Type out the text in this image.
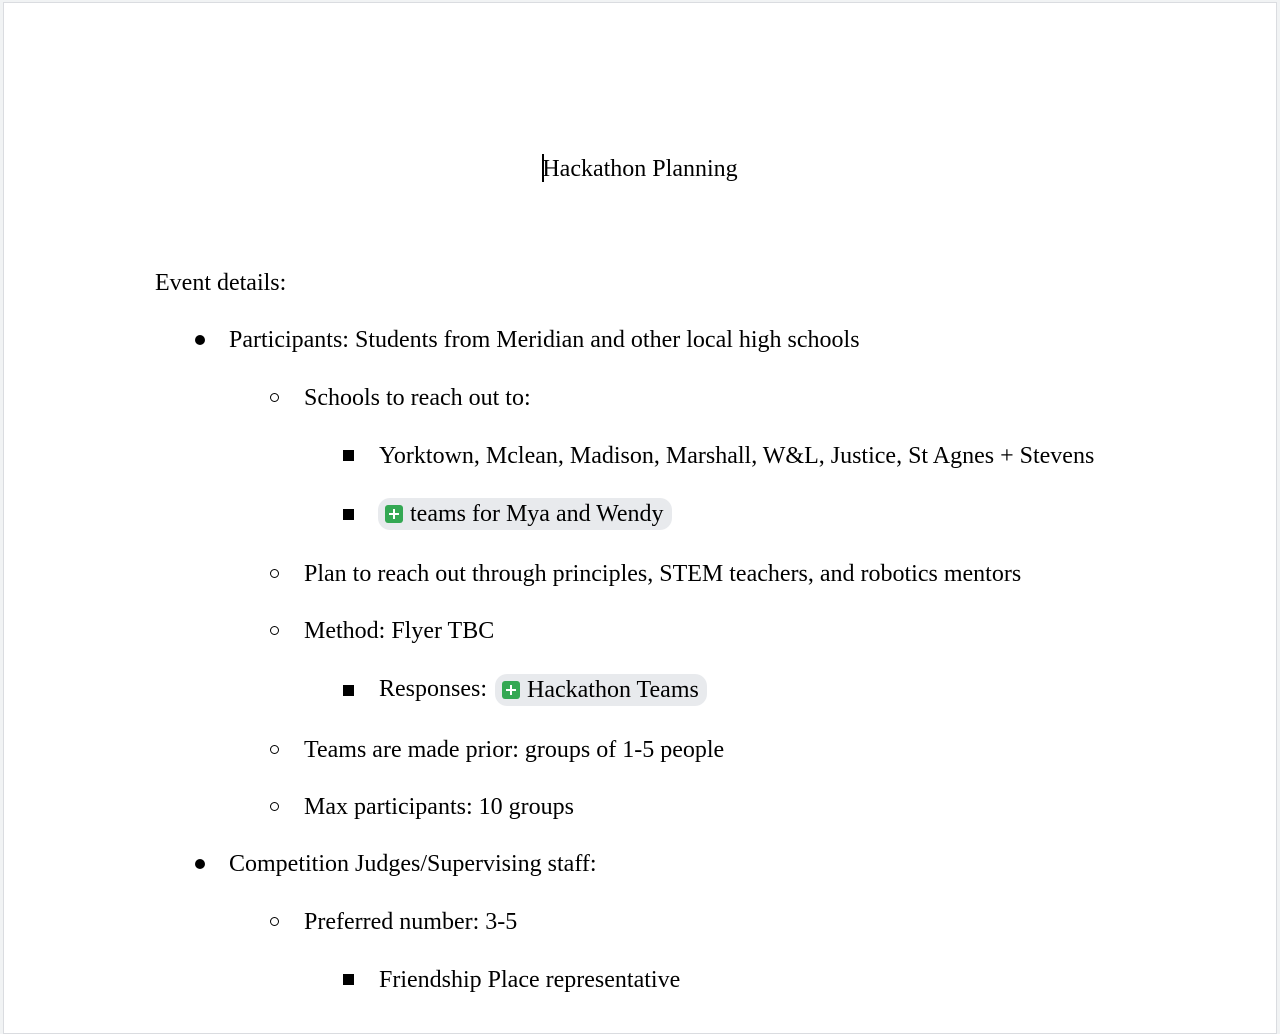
Hackathon Planning
Event details:
Participants: Students from Meridian and other local high schools
Schools to reach out to:
Yorktown, Mclean, Madison, Marshall, W&L, Justice, St Agnes + Stevens
teams for Mya and Wendy
Plan to reach out through principles, STEM teachers, and robotics mentors
Method: Flyer TBC
Responses: Hackathon Teams
Teams are made prior: groups of 1-5 people
Max participants: 10 groups
Competition Judges/Supervising staff:
Preferred number: 3-5
Friendship Place representative
